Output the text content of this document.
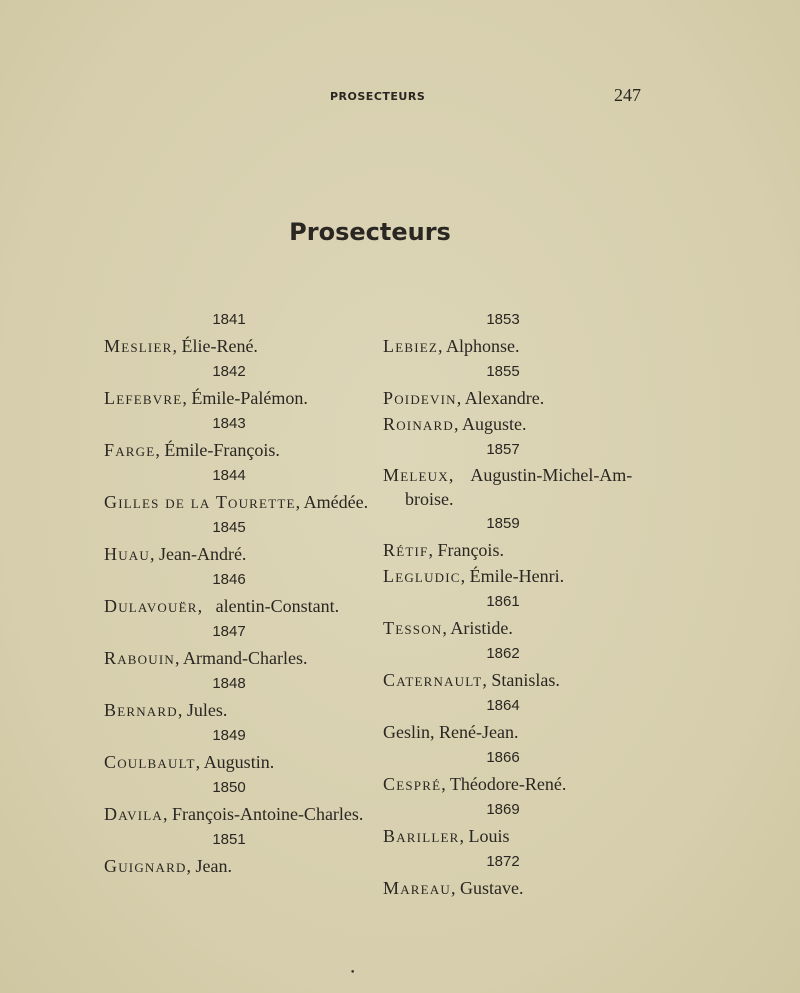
PROSECTEURS	247
Prosecteurs
1841
Meslier, Élie-René.
1842
Lefebvre, Émile-Palémon.
1843
Farge, Émile-François.
1844
Gilles de la Tourette, Amédée.
1845
Huau, Jean-André.
1846
Dulavouër,   alentin-Constant.
1847
Rabouin, Armand-Charles.
1848
Bernard, Jules.
1849
Coulbault, Augustin.
1850
Davila, François-Antoine-Charles.
1851
Guignard, Jean.
1853
Lebiez, Alphonse.
1855
Poidevin, Alexandre.
Roinard, Auguste.
1857
Meleux,    Augustin-Michel-Am-
broise.
1859
Rétif, François.
Legludic, Émile-Henri.
1861
Tesson, Aristide.
1862
Caternault, Stanislas.
1864
Geslin, René-Jean.
1866
Cespré, Théodore-René.
1869
Bariller, Louis
1872
Mareau, Gustave.
•
